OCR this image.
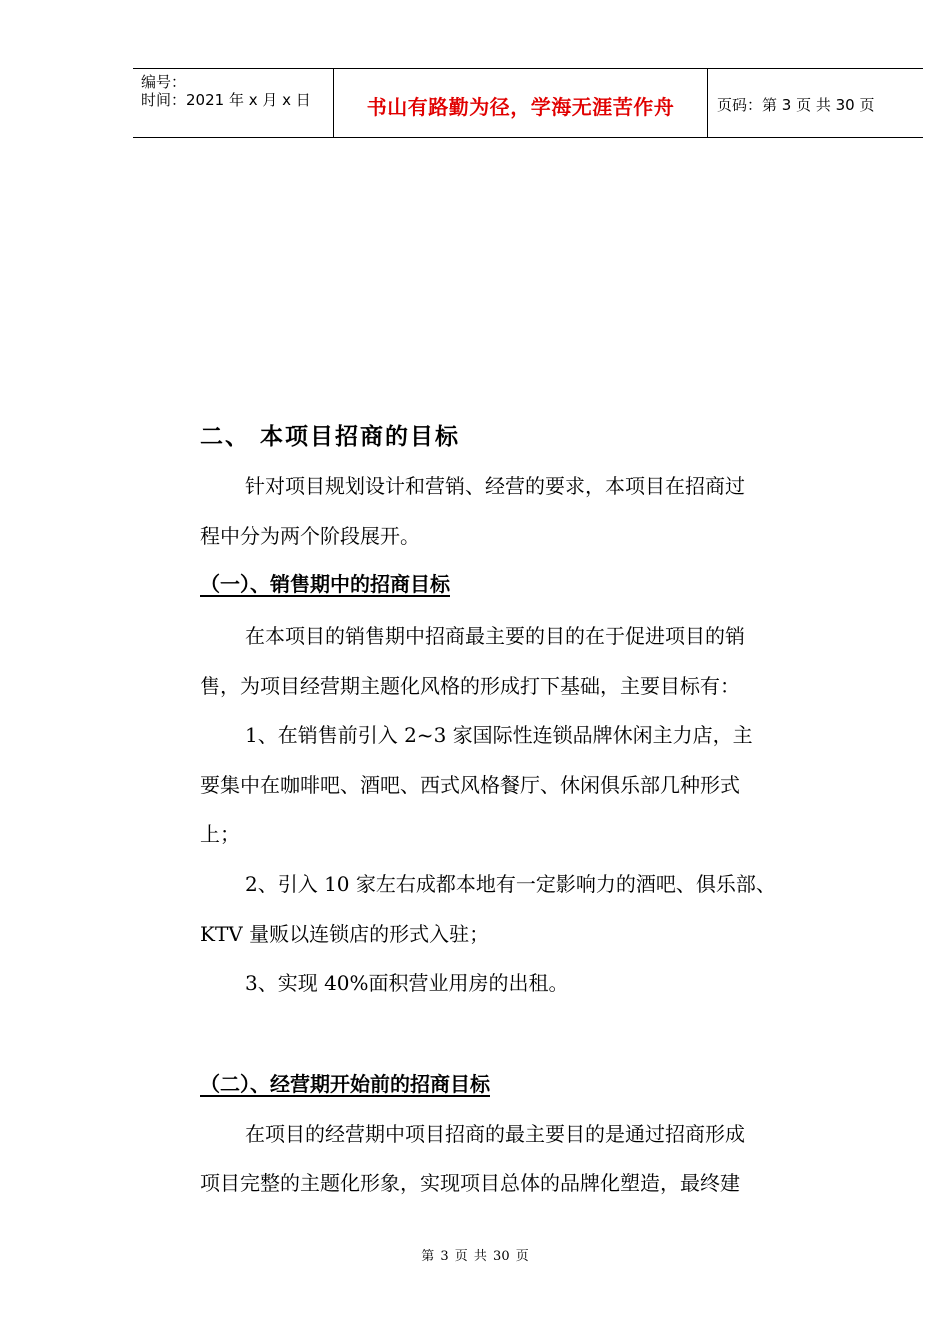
编号：
时间：2021 年 x 月 x 日	书山有路勤为径，学海无涯苦作舟	页码：第 3 页 共 30 页
二、 本项目招商的目标
针对项目规划设计和营销、经营的要求，本项目在招商过
程中分为两个阶段展开。
（一）、销售期中的招商目标
在本项目的销售期中招商最主要的目的在于促进项目的销
售，为项目经营期主题化风格的形成打下基础，主要目标有：
1、在销售前引入 2~3 家国际性连锁品牌休闲主力店，主
要集中在咖啡吧、酒吧、西式风格餐厅、休闲俱乐部几种形式
上；
2、引入 10 家左右成都本地有一定影响力的酒吧、俱乐部、
KTV 量贩以连锁店的形式入驻；
3、实现 40%面积营业用房的出租。
（二）、经营期开始前的招商目标
在项目的经营期中项目招商的最主要目的是通过招商形成
项目完整的主题化形象，实现项目总体的品牌化塑造，最终建
第 3 页 共 30 页
